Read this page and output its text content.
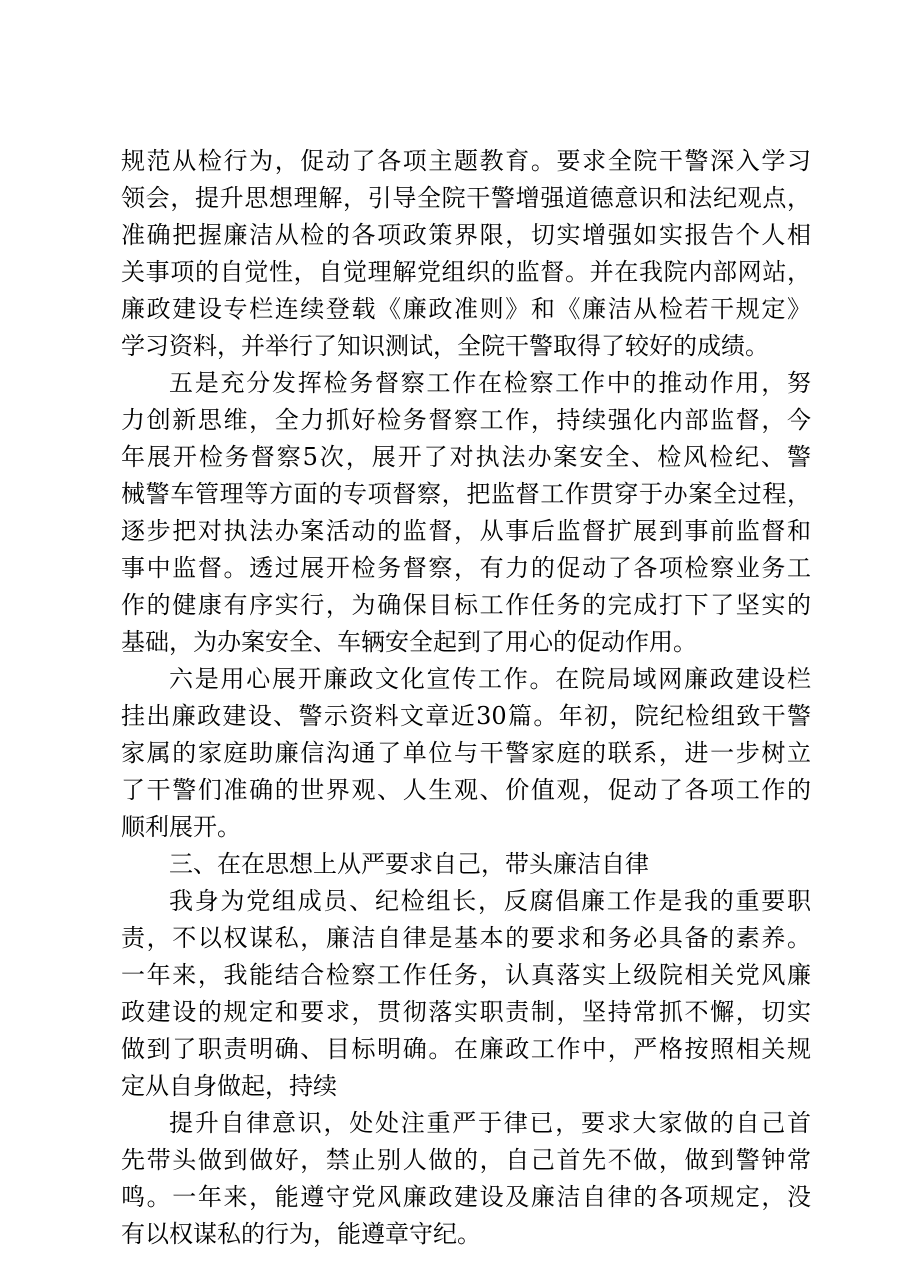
规范从检行为，促动了各项主题教育。要求全院干警深入学习
领会，提升思想理解，引导全院干警增强道德意识和法纪观点，
准确把握廉洁从检的各项政策界限，切实增强如实报告个人相
关事项的自觉性，自觉理解党组织的监督。并在我院内部网站，
廉政建设专栏连续登载《廉政准则》和《廉洁从检若干规定》
学习资料，并举行了知识测试，全院干警取得了较好的成绩。
五是充分发挥检务督察工作在检察工作中的推动作用，努
力创新思维，全力抓好检务督察工作，持续强化内部监督，今
年展开检务督察5次，展开了对执法办案安全、检风检纪、警
械警车管理等方面的专项督察，把监督工作贯穿于办案全过程，
逐步把对执法办案活动的监督，从事后监督扩展到事前监督和
事中监督。透过展开检务督察，有力的促动了各项检察业务工
作的健康有序实行，为确保目标工作任务的完成打下了坚实的
基础，为办案安全、车辆安全起到了用心的促动作用。
六是用心展开廉政文化宣传工作。在院局域网廉政建设栏
挂出廉政建设、警示资料文章近30篇。年初，院纪检组致干警
家属的家庭助廉信沟通了单位与干警家庭的联系，进一步树立
了干警们准确的世界观、人生观、价值观，促动了各项工作的
顺利展开。
三、在在思想上从严要求自己，带头廉洁自律
我身为党组成员、纪检组长，反腐倡廉工作是我的重要职
责，不以权谋私，廉洁自律是基本的要求和务必具备的素养。
一年来，我能结合检察工作任务，认真落实上级院相关党风廉
政建设的规定和要求，贯彻落实职责制，坚持常抓不懈，切实
做到了职责明确、目标明确。在廉政工作中，严格按照相关规
定从自身做起，持续
提升自律意识，处处注重严于律已，要求大家做的自己首
先带头做到做好，禁止别人做的，自己首先不做，做到警钟常
鸣。一年来，能遵守党风廉政建设及廉洁自律的各项规定，没
有以权谋私的行为，能遵章守纪。
